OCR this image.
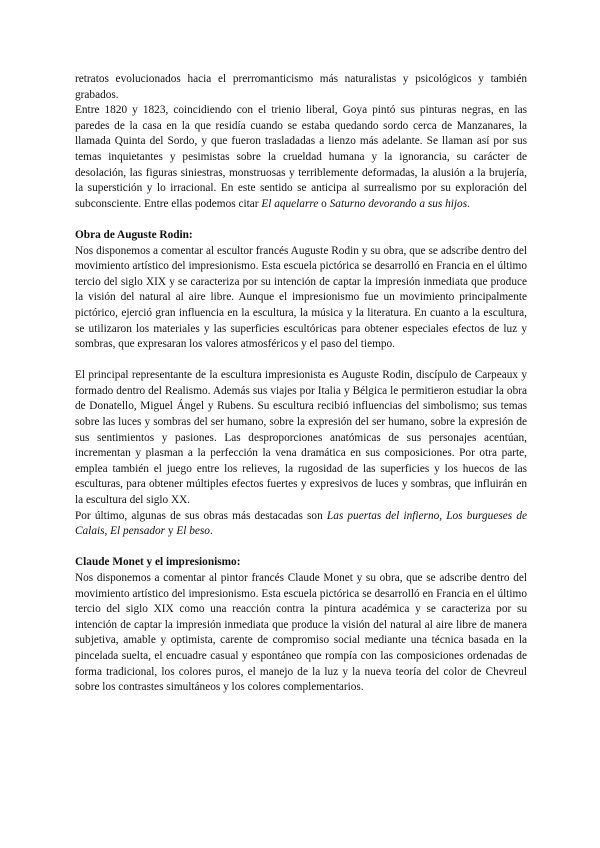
retratos evolucionados hacia el prerromanticismo más naturalistas y psicológicos y también grabados.

Entre 1820 y 1823, coincidiendo con el trienio liberal, Goya pintó sus pinturas negras, en las paredes de la casa en la que residía cuando se estaba quedando sordo cerca de Manzanares, la llamada Quinta del Sordo, y que fueron trasladadas a lienzo más adelante. Se llaman así por sus temas inquietantes y pesimistas sobre la crueldad humana y la ignorancia, su carácter de desolación, las figuras siniestras, monstruosas y terriblemente deformadas, la alusión a la brujería, la superstición y lo irracional. En este sentido se anticipa al surrealismo por su exploración del subconsciente. Entre ellas podemos citar El aquelarre o Saturno devorando a sus hijos.

Obra de Auguste Rodin:

Nos disponemos a comentar al escultor francés Auguste Rodin y su obra, que se adscribe dentro del movimiento artístico del impresionismo. Esta escuela pictórica se desarrolló en Francia en el último tercio del siglo XIX y se caracteriza por su intención de captar la impresión inmediata que produce la visión del natural al aire libre. Aunque el impresionismo fue un movimiento principalmente pictórico, ejerció gran influencia en la escultura, la música y la literatura. En cuanto a la escultura, se utilizaron los materiales y las superficies escultóricas para obtener especiales efectos de luz y sombras, que expresaran los valores atmosféricos y el paso del tiempo.

El principal representante de la escultura impresionista es Auguste Rodin, discípulo de Carpeaux y formado dentro del Realismo. Además sus viajes por Italia y Bélgica le permitieron estudiar la obra de Donatello, Miguel Ángel y Rubens. Su escultura recibió influencias del simbolismo; sus temas sobre las luces y sombras del ser humano, sobre la expresión del ser humano, sobre la expresión de sus sentimientos y pasiones. Las desproporciones anatómicas de sus personajes acentúan, incrementan y plasman a la perfección la vena dramática en sus composiciones. Por otra parte, emplea también el juego entre los relieves, la rugosidad de las superficies y los huecos de las esculturas, para obtener múltiples efectos fuertes y expresivos de luces y sombras, que influirán en la escultura del siglo XX.

Por último, algunas de sus obras más destacadas son Las puertas del infierno, Los burgueses de Calais, El pensador y El beso.

Claude Monet y el impresionismo:

Nos disponemos a comentar al pintor francés Claude Monet y su obra, que se adscribe dentro del movimiento artístico del impresionismo. Esta escuela pictórica se desarrolló en Francia en el último tercio del siglo XIX como una reacción contra la pintura académica y se caracteriza por su intención de captar la impresión inmediata que produce la visión del natural al aire libre de manera subjetiva, amable y optimista, carente de compromiso social mediante una técnica basada en la pincelada suelta, el encuadre casual y espontáneo que rompía con las composiciones ordenadas de forma tradicional, los colores puros, el manejo de la luz y la nueva teoría del color de Chevreul sobre los contrastes simultáneos y los colores complementarios.
